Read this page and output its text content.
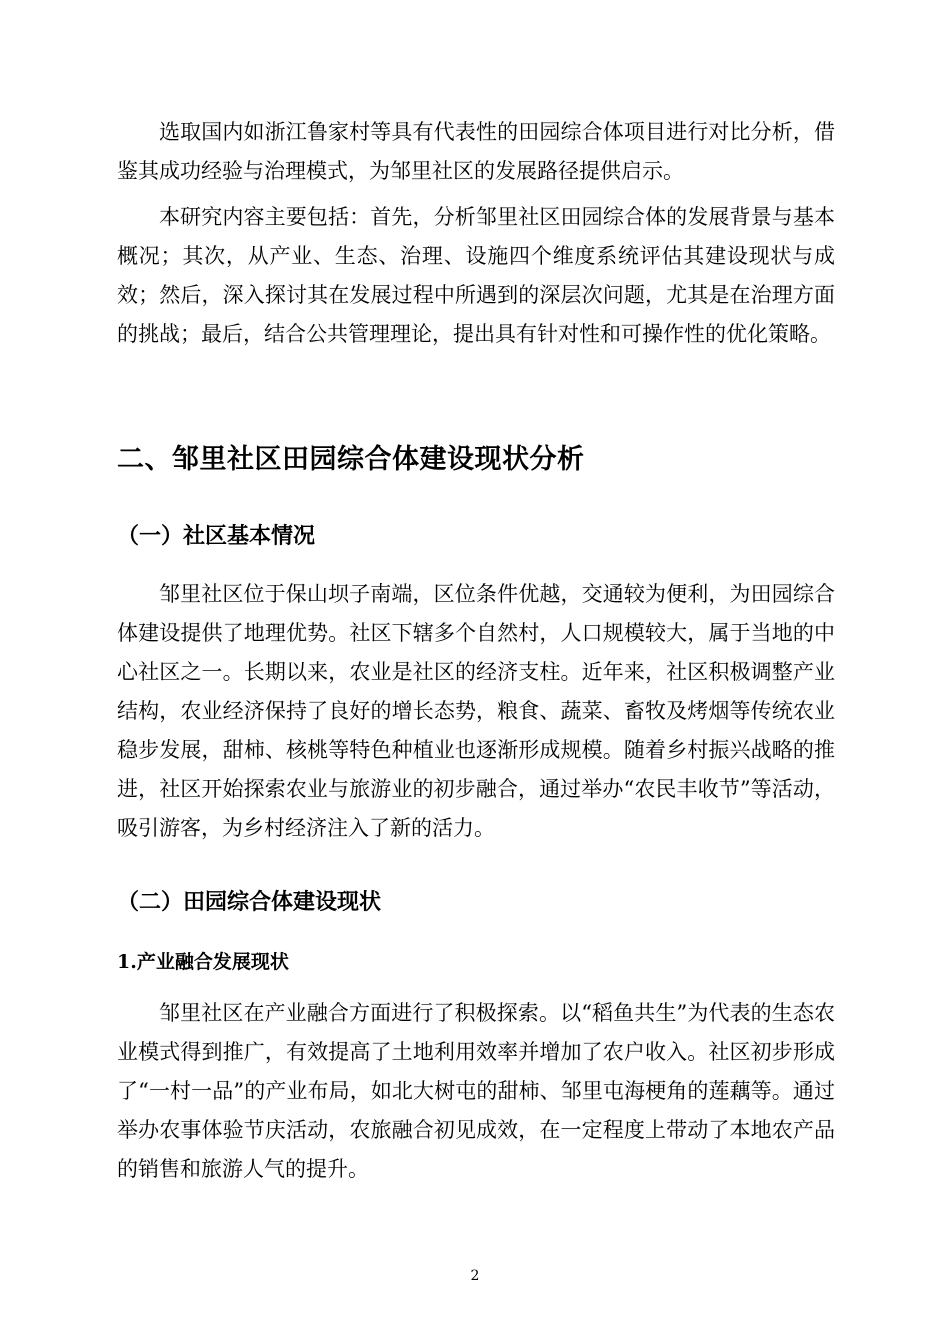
选取国内如浙江鲁家村等具有代表性的田园综合体项目进行对比分析，借鉴其成功经验与治理模式，为邹里社区的发展路径提供启示。

本研究内容主要包括：首先，分析邹里社区田园综合体的发展背景与基本概况；其次，从产业、生态、治理、设施四个维度系统评估其建设现状与成效；然后，深入探讨其在发展过程中所遇到的深层次问题，尤其是在治理方面的挑战；最后，结合公共管理理论，提出具有针对性和可操作性的优化策略。

二、邹里社区田园综合体建设现状分析
（一）社区基本情况

邹里社区位于保山坝子南端，区位条件优越，交通较为便利，为田园综合体建设提供了地理优势。社区下辖多个自然村，人口规模较大，属于当地的中心社区之一。长期以来，农业是社区的经济支柱。近年来，社区积极调整产业结构，农业经济保持了良好的增长态势，粮食、蔬菜、畜牧及烤烟等传统农业稳步发展，甜柿、核桃等特色种植业也逐渐形成规模。随着乡村振兴战略的推进，社区开始探索农业与旅游业的初步融合，通过举办“农民丰收节”等活动，吸引游客，为乡村经济注入了新的活力。

（二）田园综合体建设现状
1.产业融合发展现状

邹里社区在产业融合方面进行了积极探索。以“稻鱼共生”为代表的生态农业模式得到推广，有效提高了土地利用效率并增加了农户收入。社区初步形成了“一村一品”的产业布局，如北大树屯的甜柿、邹里屯海梗角的莲藕等。通过举办农事体验节庆活动，农旅融合初见成效，在一定程度上带动了本地农产品的销售和旅游人气的提升。

2
